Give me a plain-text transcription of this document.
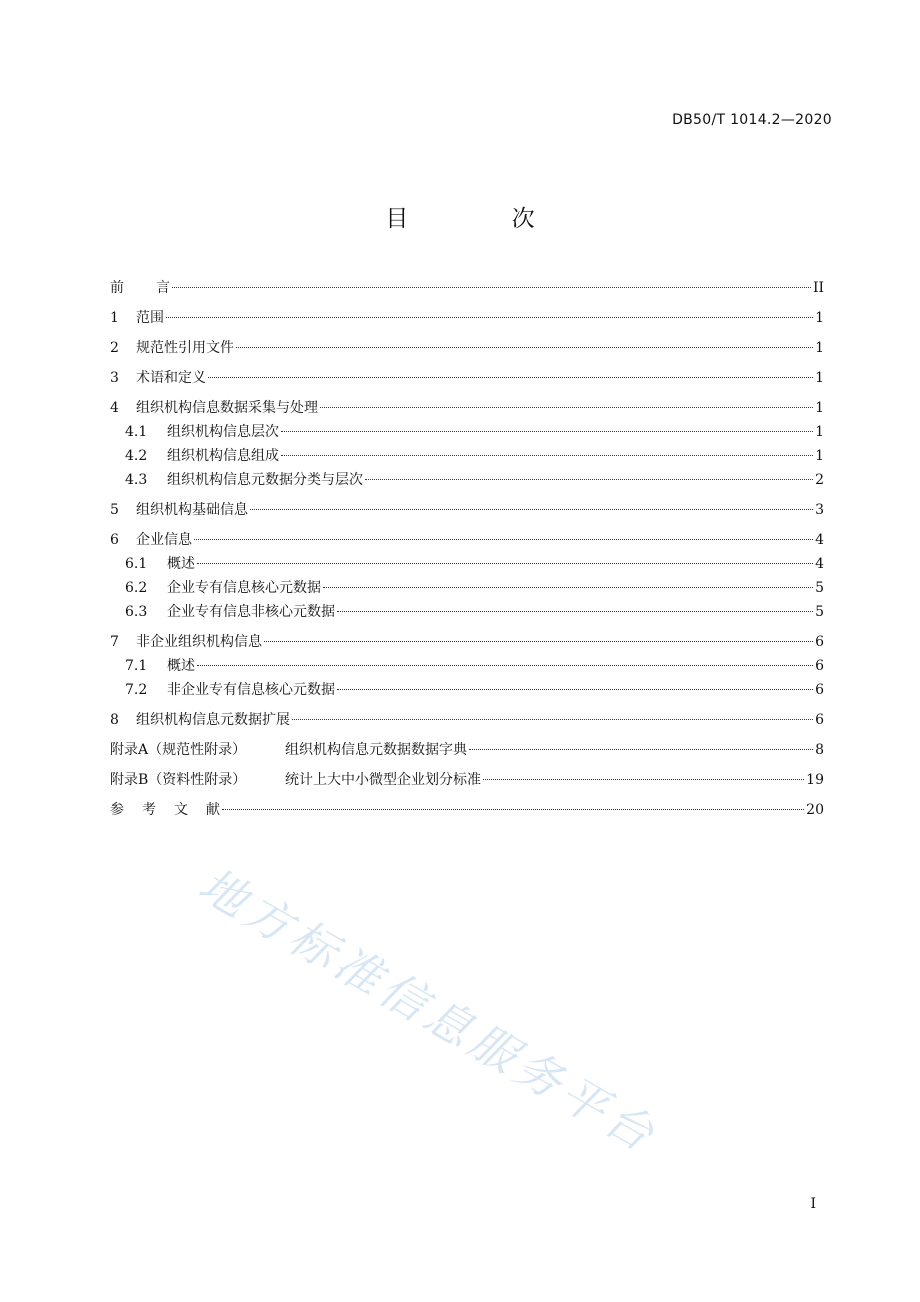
DB50/T 1014.2—2020
目 次
前 言	II
1	范围	1
2	规范性引用文件	1
3	术语和定义	1
4	组织机构信息数据采集与处理	1
4.1	组织机构信息层次	1
4.2	组织机构信息组成	1
4.3	组织机构信息元数据分类与层次	2
5	组织机构基础信息	3
6	企业信息	4
6.1	概述	4
6.2	企业专有信息核心元数据	5
6.3	企业专有信息非核心元数据	5
7	非企业组织机构信息	6
7.1	概述	6
7.2	非企业专有信息核心元数据	6
8	组织机构信息元数据扩展	6
附录A（规范性附录）	组织机构信息元数据数据字典	8
附录B（资料性附录）	统计上大中小微型企业划分标准	19
参 考 文 献	20
地方标准信息服务平台
I
